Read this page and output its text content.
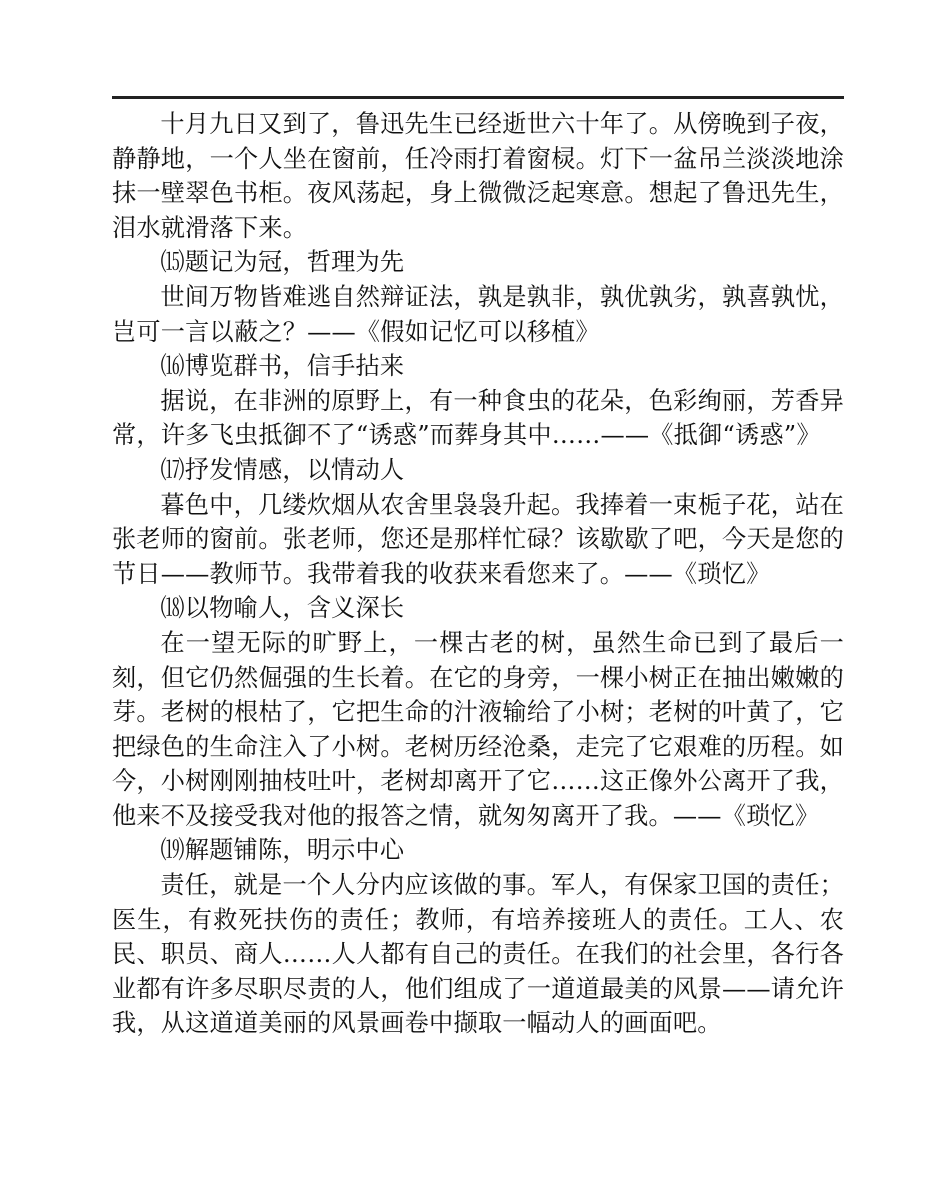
十月九日又到了，鲁迅先生已经逝世六十年了。从傍晚到子夜，静静地，一个人坐在窗前，任冷雨打着窗棂。灯下一盆吊兰淡淡地涂抹一壁翠色书柜。夜风荡起，身上微微泛起寒意。想起了鲁迅先生，泪水就滑落下来。

⒂题记为冠，哲理为先

世间万物皆难逃自然辩证法，孰是孰非，孰优孰劣，孰喜孰忧，岂可一言以蔽之？——《假如记忆可以移植》

⒃博览群书，信手拈来

据说，在非洲的原野上，有一种食虫的花朵，色彩绚丽，芳香异常，许多飞虫抵御不了“诱惑”而葬身其中……——《抵御“诱惑”》

⒄抒发情感，以情动人

暮色中，几缕炊烟从农舍里袅袅升起。我捧着一束栀子花，站在张老师的窗前。张老师，您还是那样忙碌？该歇歇了吧，今天是您的节日——教师节。我带着我的收获来看您来了。——《琐忆》

⒅以物喻人，含义深长

在一望无际的旷野上，一棵古老的树，虽然生命已到了最后一刻，但它仍然倔强的生长着。在它的身旁，一棵小树正在抽出嫩嫩的芽。老树的根枯了，它把生命的汁液输给了小树；老树的叶黄了，它把绿色的生命注入了小树。老树历经沧桑，走完了它艰难的历程。如今，小树刚刚抽枝吐叶，老树却离开了它……这正像外公离开了我，他来不及接受我对他的报答之情，就匆匆离开了我。——《琐忆》

⒆解题铺陈，明示中心

责任，就是一个人分内应该做的事。军人，有保家卫国的责任；医生，有救死扶伤的责任；教师，有培养接班人的责任。工人、农民、职员、商人……人人都有自己的责任。在我们的社会里，各行各业都有许多尽职尽责的人，他们组成了一道道最美的风景——请允许我，从这道道美丽的风景画卷中撷取一幅动人的画面吧。
